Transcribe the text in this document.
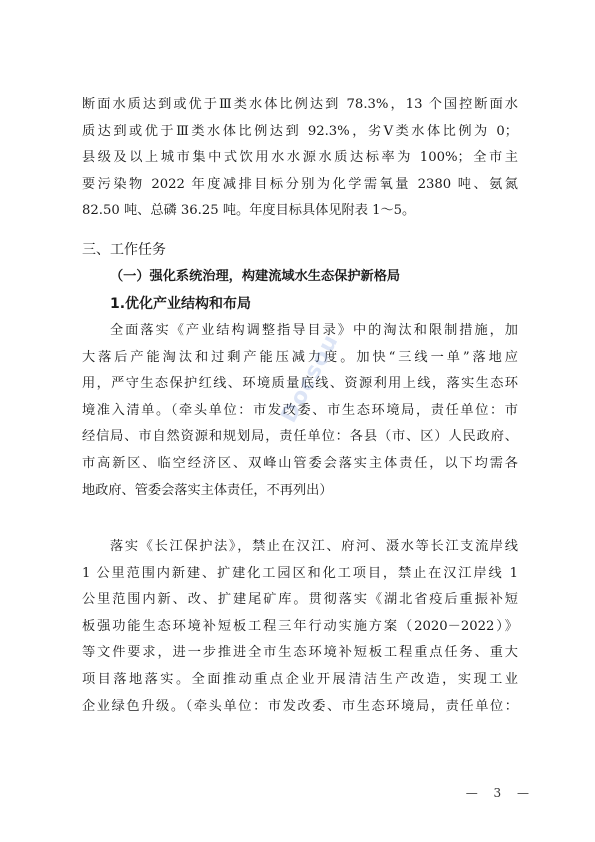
断面水质达到或优于Ⅲ类水体比例达到 78.3%，13 个国控断面水
质达到或优于Ⅲ类水体比例达到 92.3%，劣Ⅴ类水体比例为 0；
县级及以上城市集中式饮用水水源水质达标率为 100%；全市主
要污染物 2022 年度减排目标分别为化学需氧量 2380 吨、氨氮
82.50 吨、总磷 36.25 吨。年度目标具体见附表 1～5。
三、工作任务
（一）强化系统治理，构建流域水生态保护新格局
1.优化产业结构和布局
全面落实《产业结构调整指导目录》中的淘汰和限制措施，加
大落后产能淘汰和过剩产能压减力度。加快“三线一单”落地应
用，严守生态保护红线、环境质量底线、资源利用上线，落实生态环
境准入清单。（牵头单位：市发改委、市生态环境局，责任单位：市
经信局、市自然资源和规划局，责任单位：各县（市、区）人民政府、
市高新区、临空经济区、双峰山管委会落实主体责任，以下均需各
地政府、管委会落实主体责任，不再列出）
落实《长江保护法》，禁止在汉江、府河、滠水等长江支流岸线
1 公里范围内新建、扩建化工园区和化工项目，禁止在汉江岸线 1
公里范围内新、改、扩建尾矿库。贯彻落实《湖北省疫后重振补短
板强功能生态环境补短板工程三年行动实施方案（2020－2022）》
等文件要求，进一步推进全市生态环境补短板工程重点任务、重大
项目落地落实。全面推动重点企业开展清洁生产改造，实现工业
企业绿色升级。（牵头单位：市发改委、市生态环境局，责任单位：
Docsou
— 3 —
